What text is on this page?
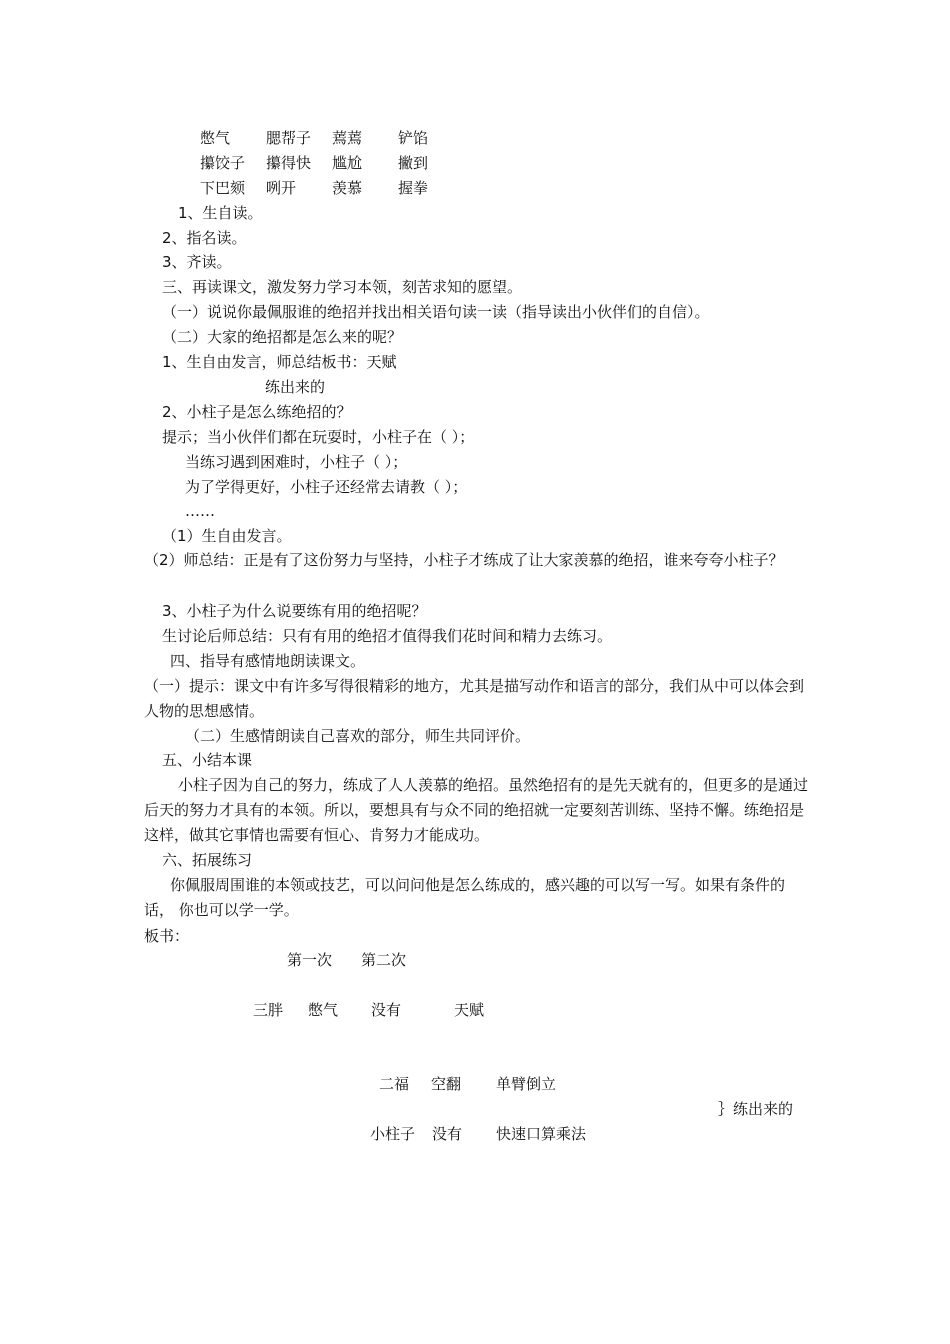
憋气 腮帮子 蔫蔫 铲馅
攥饺子 攥得快 尴尬 撇到
下巴颏 咧开 羡慕 握拳
1、生自读。
2、指名读。
3、齐读。
三、再读课文，激发努力学习本领，刻苦求知的愿望。
（一）说说你最佩服谁的绝招并找出相关语句读一读（指导读出小伙伴们的自信）。
（二）大家的绝招都是怎么来的呢？
1、生自由发言，师总结板书：天赋
练出来的
2、小柱子是怎么练绝招的？
提示；当小伙伴们都在玩耍时，小柱子在（ ）；
当练习遇到困难时，小柱子（ ）；
为了学得更好，小柱子还经常去请教（ ）；
……
（1）生自由发言。
（2）师总结：正是有了这份努力与坚持，小柱子才练成了让大家羡慕的绝招，谁来夸夸小柱子？
3、小柱子为什么说要练有用的绝招呢？
生讨论后师总结：只有有用的绝招才值得我们花时间和精力去练习。
四、指导有感情地朗读课文。
（一）提示：课文中有许多写得很精彩的地方，尤其是描写动作和语言的部分，我们从中可以体会到人物的思想感情。
（二）生感情朗读自己喜欢的部分，师生共同评价。
五、小结本课
小柱子因为自己的努力，练成了人人羡慕的绝招。虽然绝招有的是先天就有的，但更多的是通过后天的努力才具有的本领。所以，要想具有与众不同的绝招就一定要刻苦训练、坚持不懈。练绝招是这样，做其它事情也需要有恒心、肯努力才能成功。
六、拓展练习
你佩服周围谁的本领或技艺，可以问问他是怎么练成的，感兴趣的可以写一写。如果有条件的 话， 你也可以学一学。
板书：
第一次 第二次
三胖 憋气 没有	天赋
二福 空翻 单臂倒立
｝练出来的
小柱子 没有 快速口算乘法
